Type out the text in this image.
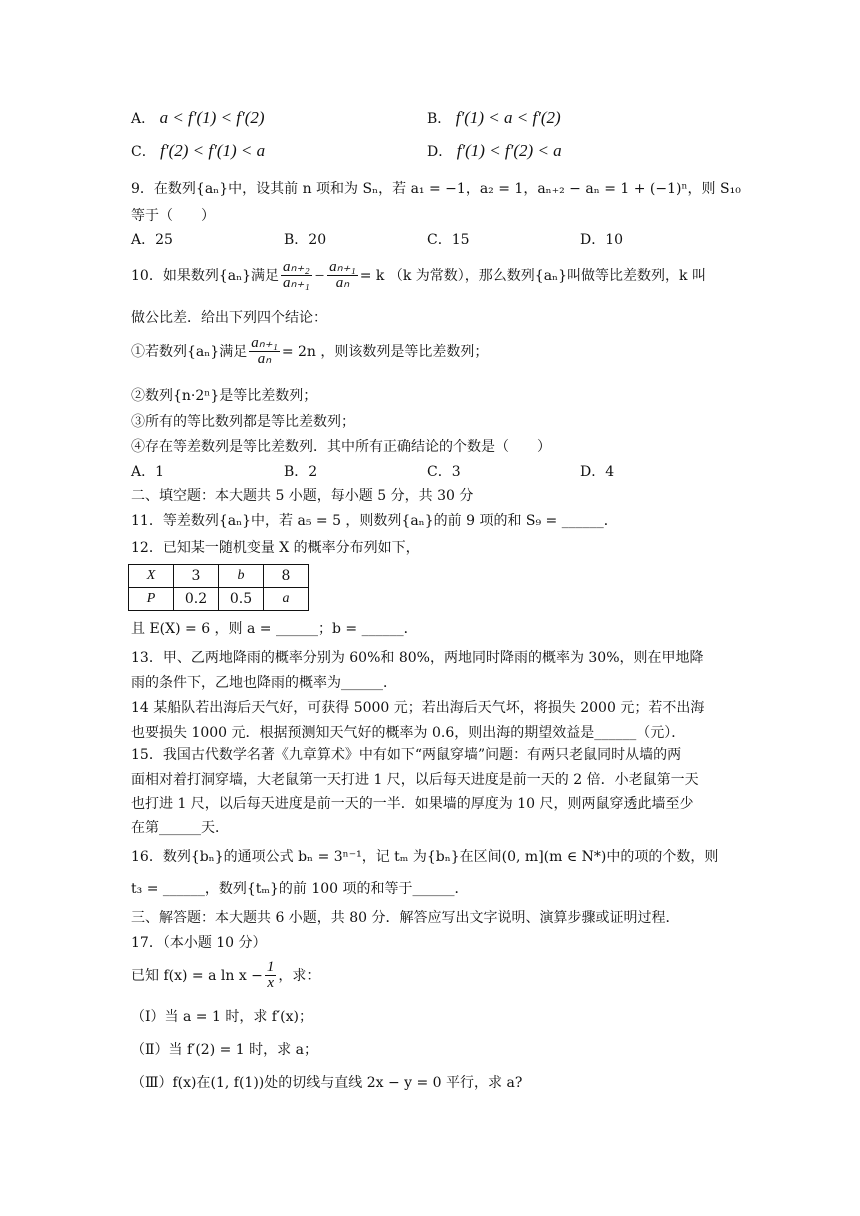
A． a < f′(1) < f′(2)	B． f′(1) < a < f′(2)
C． f′(2) < f′(1) < a	D． f′(1) < f′(2) < a
9．在数列{aₙ}中，设其前 n 项和为 Sₙ，若 a₁ = −1，a₂ = 1，aₙ₊₂ − aₙ = 1 + (−1)ⁿ，则 S₁₀
等于（　　）
A．25	B．20	C．15	D．10
10．如果数列{aₙ}满足 $\frac{\text{aₙ₊₂}}{\text{aₙ₊₁}} - \frac{\text{aₙ₊₁}}{\text{aₙ}} = k$ （k 为常数），那么数列{aₙ}叫做等比差数列，k 叫
做公比差．给出下列四个结论：
①若数列{aₙ}满足 $\frac{\text{aₙ₊₁}}{\text{aₙ}} = 2n$ ，则该数列是等比差数列；
②数列{n·2ⁿ}是等比差数列；
③所有的等比数列都是等比差数列；
④存在等差数列是等比差数列．其中所有正确结论的个数是（　　）
A．1	B．2	C．3	D．4
二、填空题：本大题共 5 小题，每小题 5 分，共 30 分
11．等差数列{aₙ}中，若 a₅ = 5 ，则数列{aₙ}的前 9 项的和 S₉ = ______．
12．已知某一随机变量 X 的概率分布列如下，
X	3	b	8
P	0.2	0.5	a
且 E(X) = 6 ，则 a = ______；b = ______．
13．甲、乙两地降雨的概率分别为 60%和 80%，两地同时降雨的概率为 30%，则在甲地降
雨的条件下，乙地也降雨的概率为______．
14 某船队若出海后天气好，可获得 5000 元；若出海后天气坏，将损失 2000 元；若不出海
也要损失 1000 元．根据预测知天气好的概率为 0.6，则出海的期望效益是______（元）．
15．我国古代数学名著《九章算术》中有如下“两鼠穿墙”问题：有两只老鼠同时从墙的两
面相对着打洞穿墙，大老鼠第一天打进 1 尺，以后每天进度是前一天的 2 倍．小老鼠第一天
也打进 1 尺，以后每天进度是前一天的一半．如果墙的厚度为 10 尺，则两鼠穿透此墙至少
在第______天．
16．数列{bₙ}的通项公式 bₙ = 3ⁿ⁻¹，记 tₘ 为{bₙ}在区间(0, m](m ∈ N*)中的项的个数，则
t₃ = ______，数列{tₘ}的前 100 项的和等于______．
三、解答题：本大题共 6 小题，共 80 分．解答应写出文字说明、演算步骤或证明过程．
17．（本小题 10 分）
已知 f(x) = a $\ln x - \frac{1}{x}$ ，求：
（Ⅰ）当 a = 1 时，求 f′(x)；
（Ⅱ）当 f′(2) = 1 时，求 a；
（Ⅲ）f(x)在(1, f(1))处的切线与直线 2x − y = 0 平行，求 a?
